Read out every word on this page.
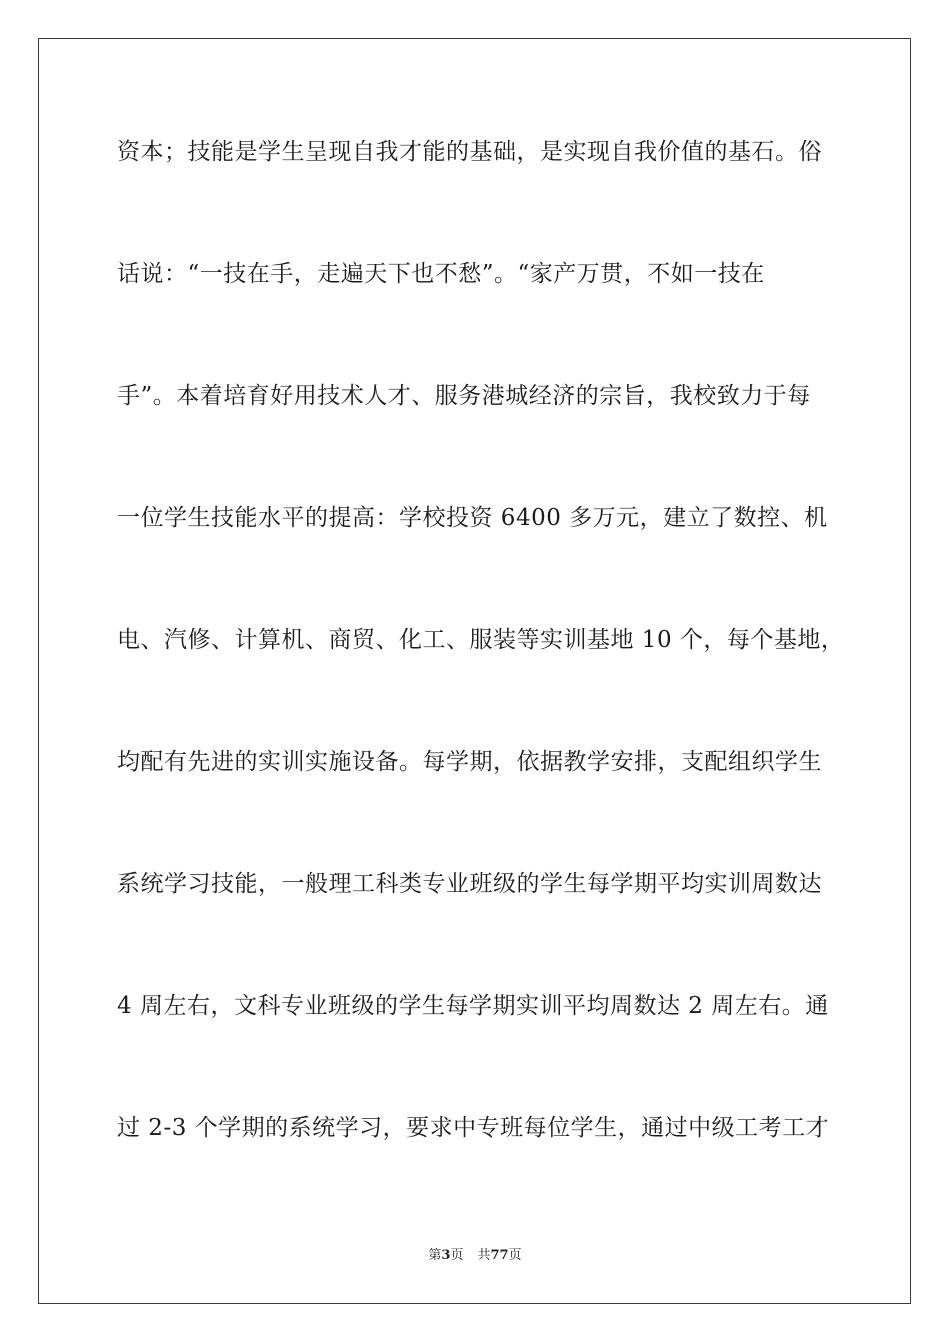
资本；技能是学生呈现自我才能的基础，是实现自我价值的基石。俗
话说：“一技在手，走遍天下也不愁”。“家产万贯，不如一技在
手”。本着培育好用技术人才、服务港城经济的宗旨，我校致力于每
一位学生技能水平的提高：学校投资 6400 多万元，建立了数控、机
电、汽修、计算机、商贸、化工、服装等实训基地 10 个，每个基地，
均配有先进的实训实施设备。每学期，依据教学安排，支配组织学生
系统学习技能，一般理工科类专业班级的学生每学期平均实训周数达
4 周左右，文科专业班级的学生每学期实训平均周数达 2 周左右。通
过 2-3 个学期的系统学习，要求中专班每位学生，通过中级工考工才
第3页 共77页
